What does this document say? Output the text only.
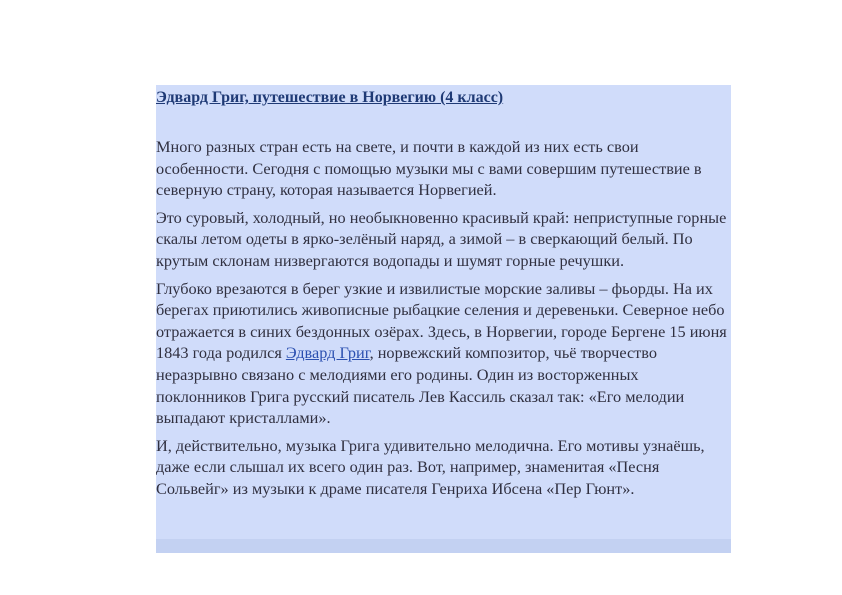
Эдвард Григ, путешествие в Норвегию (4 класс)

Много разных стран есть на свете, и почти в каждой из них есть свои особенности. Сегодня с помощью музыки мы с вами совершим путешествие в северную страну, которая называется Норвегией.

Это суровый, холодный, но необыкновенно красивый край: неприступные горные скалы летом одеты в ярко-зелёный наряд, а зимой – в сверкающий белый. По крутым склонам низвергаются водопады и шумят горные речушки.

Глубоко врезаются в берег узкие и извилистые морские заливы – фьорды. На их берегах приютились живописные рыбацкие селения и деревеньки. Северное небо отражается в синих бездонных озёрах. Здесь, в Норвегии, городе Бергене 15 июня 1843 года родился Эдвард Григ, норвежский композитор, чьё творчество неразрывно связано с мелодиями его родины. Один из восторженных поклонников Грига русский писатель Лев Кассиль сказал так: «Его мелодии выпадают кристаллами».

И, действительно, музыка Грига удивительно мелодична. Его мотивы узнаёшь, даже если слышал их всего один раз. Вот, например, знаменитая «Песня Сольвейг» из музыки к драме писателя Генриха Ибсена «Пер Гюнт».
